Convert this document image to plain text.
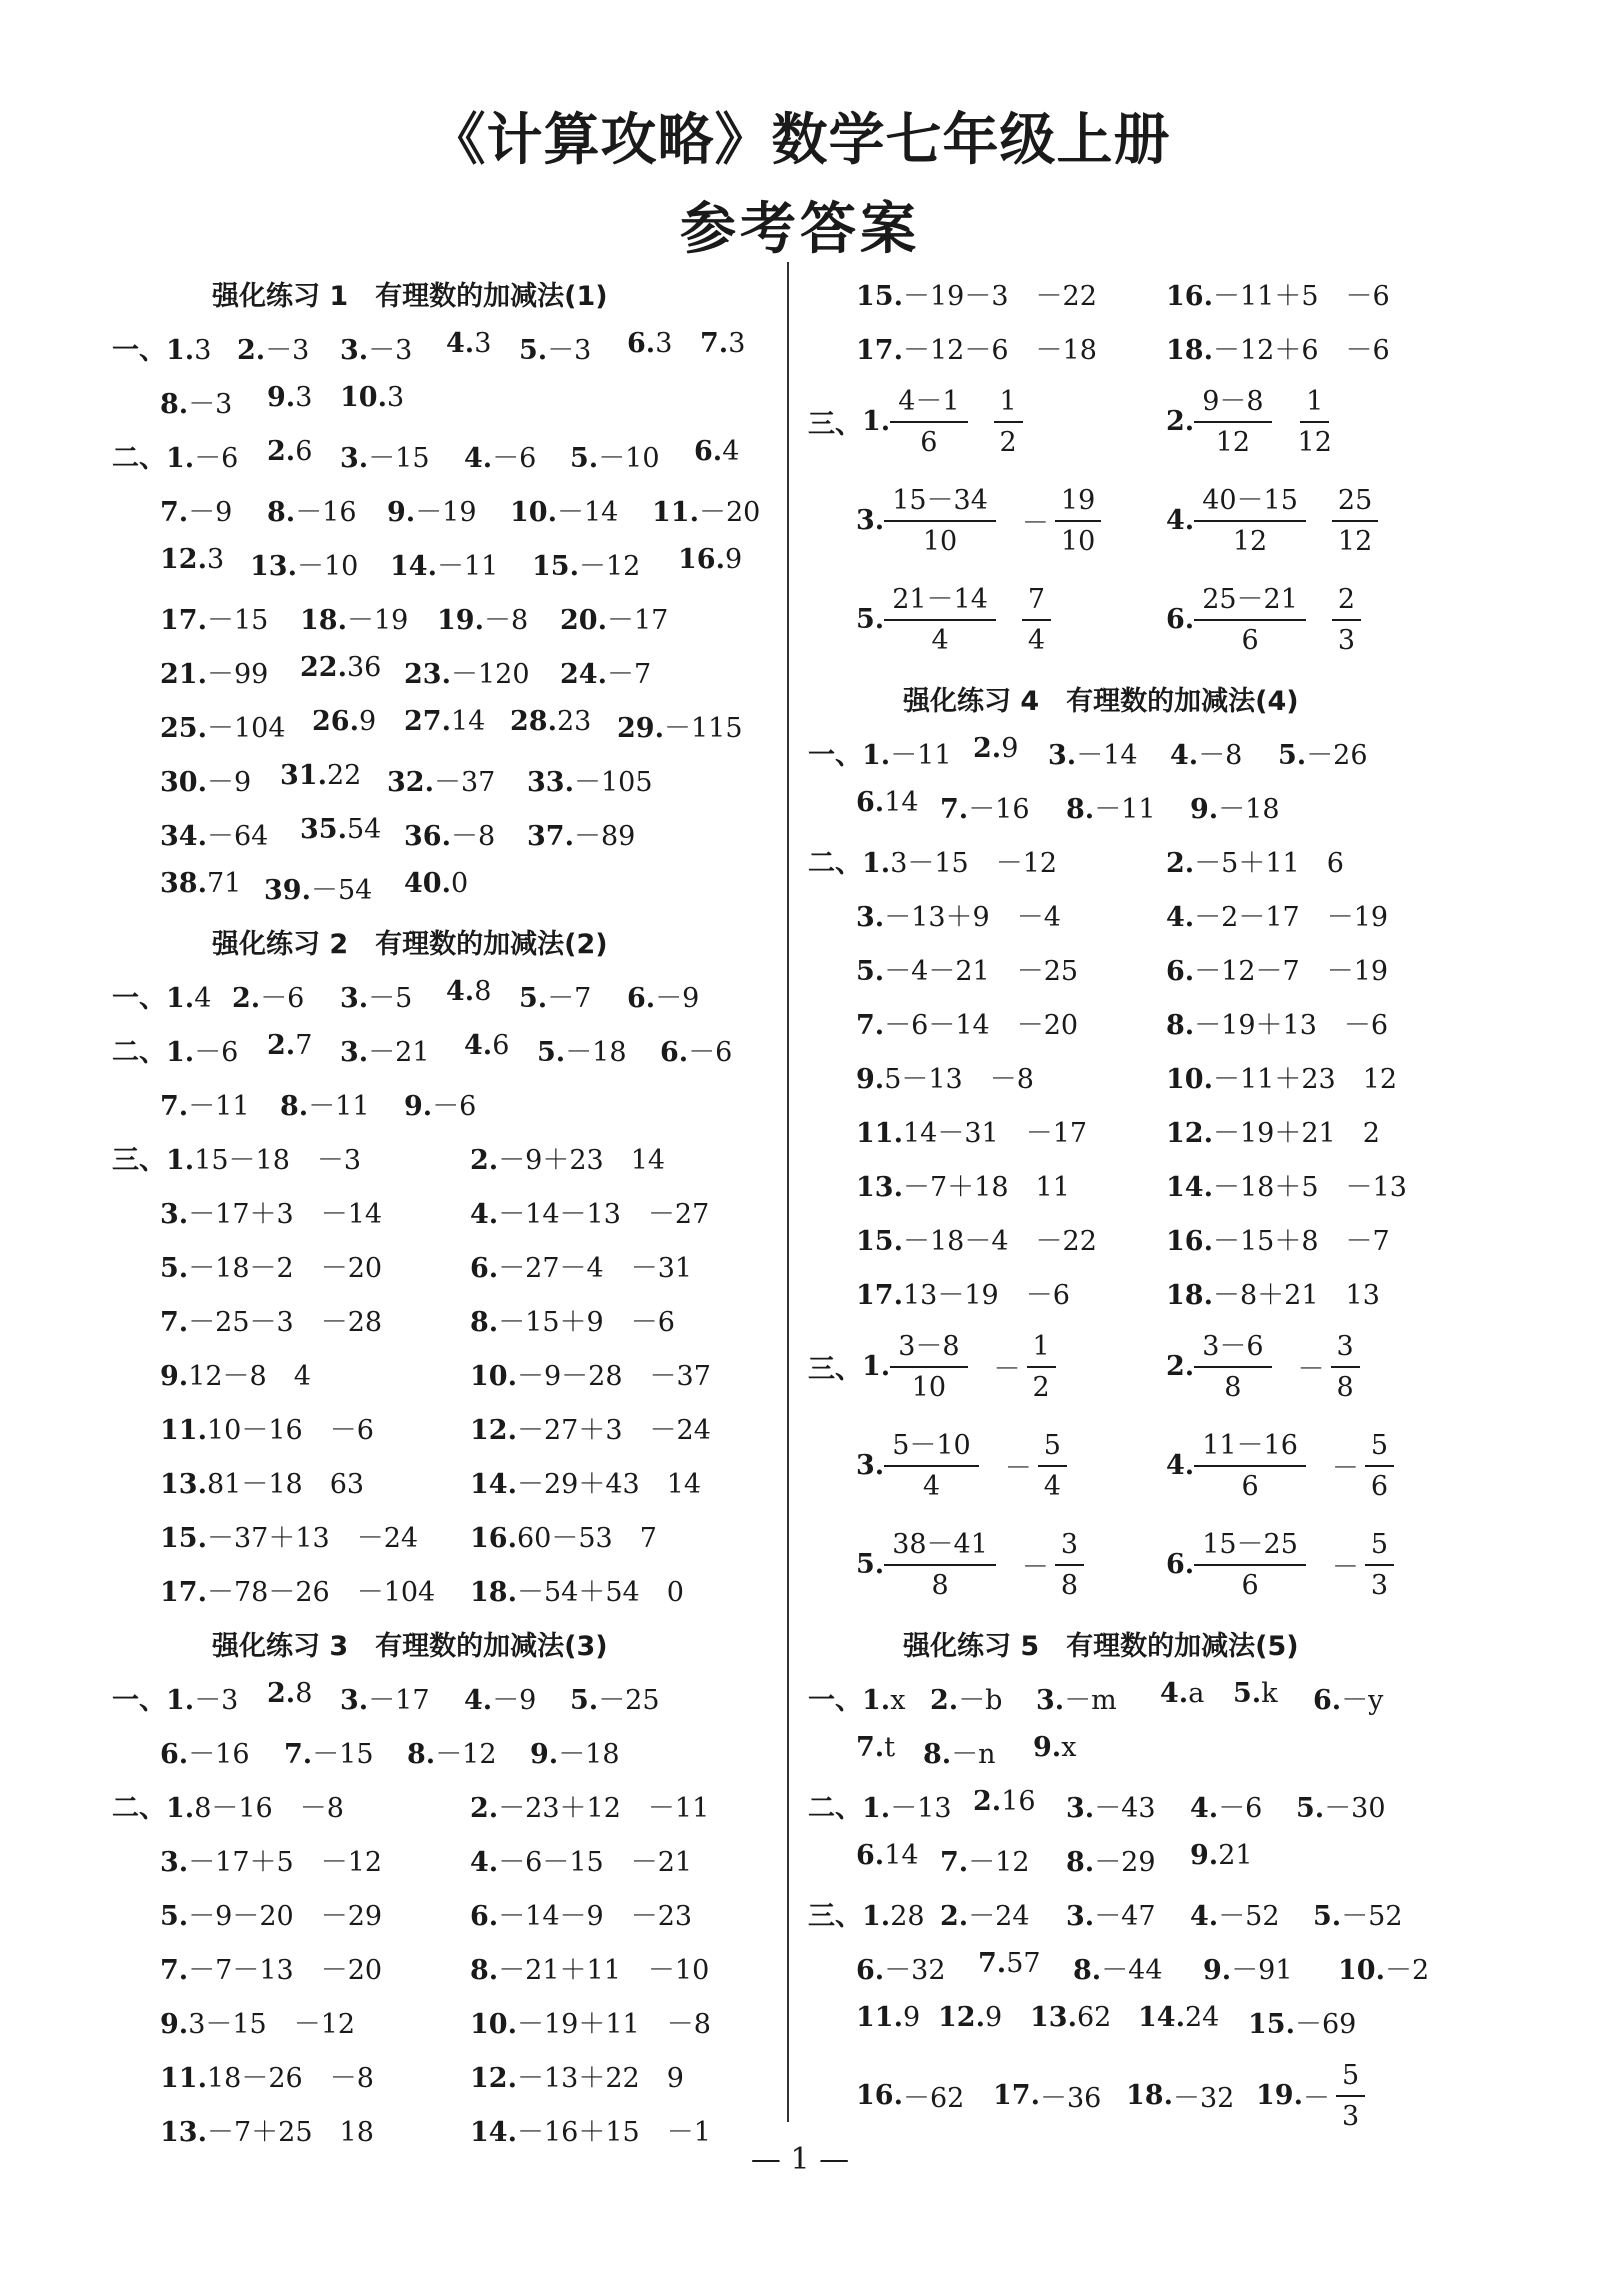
《计算攻略》数学七年级上册
参考答案
强化练习 1　有理数的加减法(1)
一、1.3 2.－3 3.－3 4.3 5.－3 6.3 7.3
8.－3 9.3 10.3
二、1.－6 2.6 3.－15 4.－6 5.－10 6.4
7.－9 8.－16 9.－19 10.－14 11.－20
12.3 13.－10 14.－11 15.－12 16.9
17.－15 18.－19 19.－8 20.－17
21.－99 22.36 23.－120 24.－7
25.－104 26.9 27.14 28.23 29.－115
30.－9 31.22 32.－37 33.－105
34.－64 35.54 36.－8 37.－89
38.71 39.－54 40.0
强化练习 2　有理数的加减法(2)
一、1.4 2.－6 3.－5 4.8 5.－7 6.－9
二、1.－6 2.7 3.－21 4.6 5.－18 6.－6
7.－11 8.－11 9.－6
三、1.15－18　－3	2.－9＋23　14
3.－17＋3　－14	4.－14－13　－27
5.－18－2　－20	6.－27－4　－31
7.－25－3　－28	8.－15＋9　－6
9.12－8　4	10.－9－28　－37
11.10－16　－6	12.－27＋3　－24
13.81－18　63	14.－29＋43　14
15.－37＋13　－24 16.60－53　7
17.－78－26　－104 18.－54＋54　0
强化练习 3　有理数的加减法(3)
一、1.－3 2.8 3.－17 4.－9 5.－25
6.－16 7.－15 8.－12 9.－18
二、1.8－16　－8	2.－23＋12　－11
3.－17＋5　－12	4.－6－15　－21
5.－9－20　－29	6.－14－9　－23
7.－7－13　－20	8.－21＋11　－10
9.3－15　－12	10.－19＋11　－8
11.18－26　－8	12.－13＋22　9
13.－7＋25　18	14.－16＋15　－1
15.－19－3　－22	16.－11＋5　－6
17.－12－6　－18	18.－12＋6　－6
三、 1. $\frac{4-1}{6} \frac{1}{2}$	2. $\frac{9-8}{12} \frac{1}{12}$
3. $\frac{15-34}{10} - \frac{19}{10} 4$. $\frac{40-15}{12} \frac{25}{12}$
5. $\frac{21-14}{4} \frac{7}{4}$	6. $\frac{25-21}{6} \frac{2}{3}$
强化练习 4　有理数的加减法(4)
一、1.－11 2.9 3.－14 4.－8 5.－26
6.14 7.－16 8.－11 9.－18
二、1.3－15　－12	2.－5＋11　6
3.－13＋9　－4	4.－2－17　－19
5.－4－21　－25	6.－12－7　－19
7.－6－14　－20	8.－19＋13　－6
9.5－13　－8	10.－11＋23　12
11.14－31　－17	12.－19＋21　2
13.－7＋18　11	14.－18＋5　－13
15.－18－4　－22	16.－15＋8　－7
17.13－19　－6	18.－8＋21　13
三、 1. $\frac{3-8}{10} - \frac{1}{2}$	2. $\frac{3-6}{8} - \frac{3}{8}$
3. $\frac{5-10}{4} - \frac{5}{4}$	4. $\frac{11-16}{6} - \frac{5}{6}$
5. $\frac{38-41}{8} - \frac{3}{8}$	6. $\frac{15-25}{6} - \frac{5}{3}$
强化练习 5　有理数的加减法(5)
一、1.x 2.－b 3.－m 4.a 5.k 6.－y
7.t 8.－n 9.x
二、1.－13 2.16 3.－43 4.－6 5.－30
6.14 7.－12 8.－29 9.21
三、1.28 2.－24 3.－47 4.－52 5.－52
6.－32 7.57 8.－44 9.－91 10.－2
11.9 12.9 13.62 14.24 15.－69
16. －62 17. －36 18. －32 19. － $\frac{5}{3}$
— 1 —
